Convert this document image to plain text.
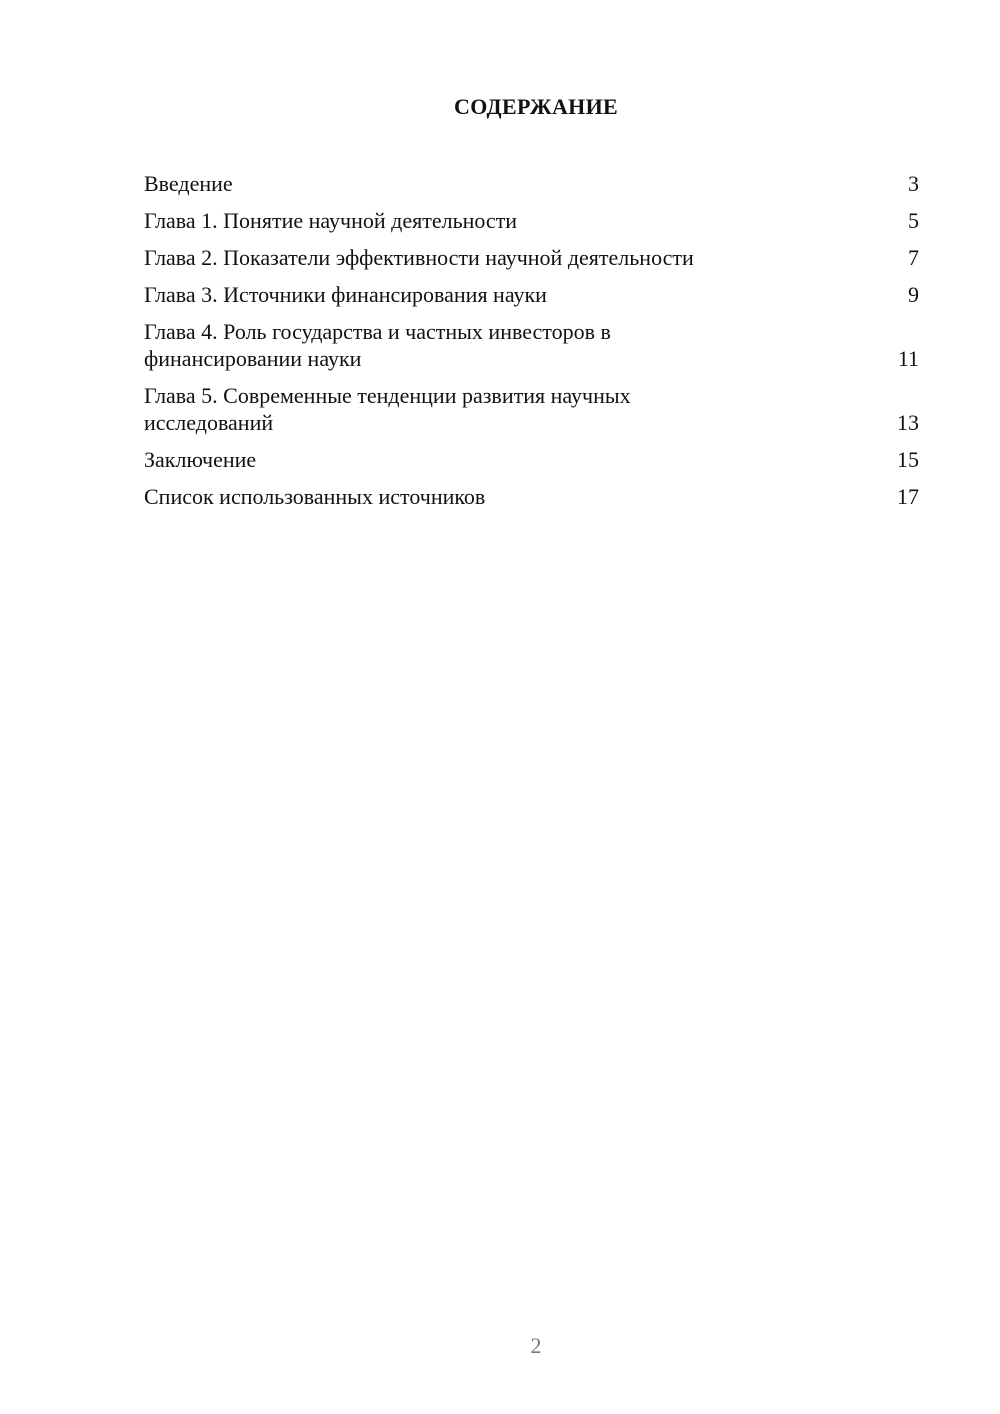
СОДЕРЖАНИЕ
Введение	3
Глава 1. Понятие научной деятельности	5
Глава 2. Показатели эффективности научной деятельности	7
Глава 3. Источники финансирования науки	9
Глава 4. Роль государства и частных инвесторов в финансировании науки	11
Глава 5. Современные тенденции развития научных исследований	13
Заключение	15
Список использованных источников	17
2
